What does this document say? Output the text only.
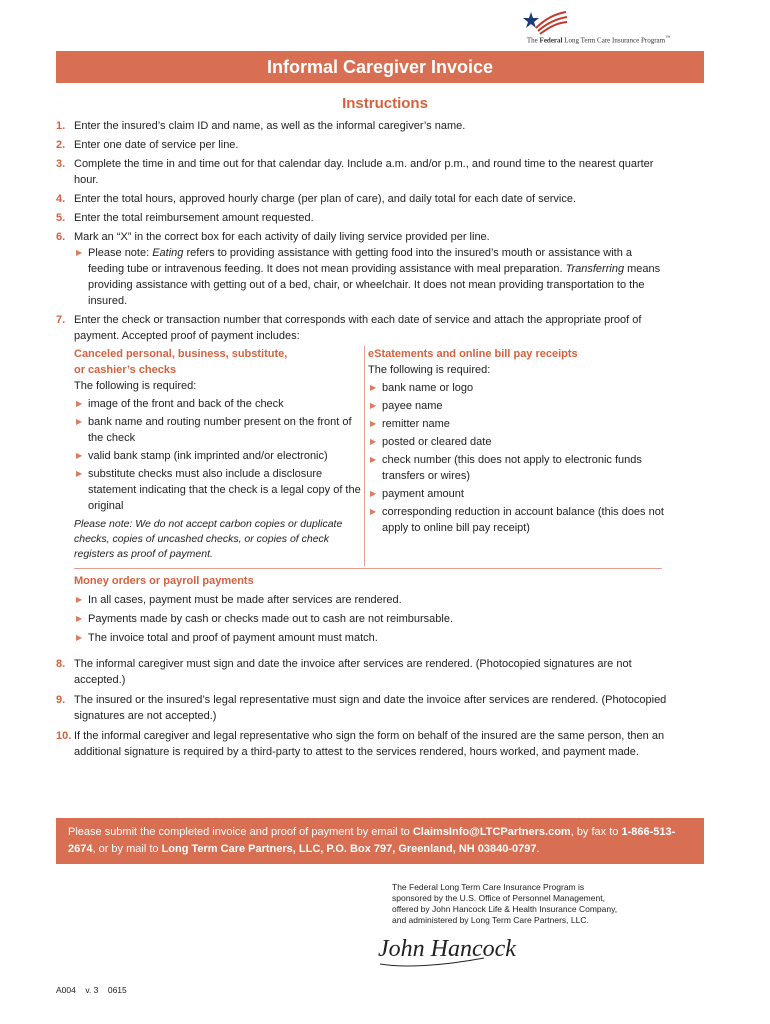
The Federal Long Term Care Insurance Program™
Informal Caregiver Invoice
Instructions
1. Enter the insured’s claim ID and name, as well as the informal caregiver’s name.
2. Enter one date of service per line.
3. Complete the time in and time out for that calendar day. Include a.m. and/or p.m., and round time to the nearest quarter hour.
4. Enter the total hours, approved hourly charge (per plan of care), and daily total for each date of service.
5. Enter the total reimbursement amount requested.
6. Mark an “X” in the correct box for each activity of daily living service provided per line.
▶ Please note: Eating refers to providing assistance with getting food into the insured’s mouth or assistance with a feeding tube or intravenous feeding. It does not mean providing assistance with meal preparation. Transferring means providing assistance with getting out of a bed, chair, or wheelchair. It does not mean providing transportation to the insured.
7. Enter the check or transaction number that corresponds with each date of service and attach the appropriate proof of payment. Accepted proof of payment includes:
Canceled personal, business, substitute,
or cashier’s checks
The following is required:
▶ image of the front and back of the check
▶ bank name and routing number present on the front of the check
▶ valid bank stamp (ink imprinted and/or electronic)
▶ substitute checks must also include a disclosure statement indicating that the check is a legal copy of the original
Please note: We do not accept carbon copies or duplicate checks, copies of uncashed checks, or copies of check registers as proof of payment.
eStatements and online bill pay receipts
The following is required:
▶ bank name or logo
▶ payee name
▶ remitter name
▶ posted or cleared date
▶ check number (this does not apply to electronic funds transfers or wires)
▶ payment amount
▶ corresponding reduction in account balance (this does not apply to online bill pay receipt)
Money orders or payroll payments
▶ In all cases, payment must be made after services are rendered.
▶ Payments made by cash or checks made out to cash are not reimbursable.
▶ The invoice total and proof of payment amount must match.
8. The informal caregiver must sign and date the invoice after services are rendered. (Photocopied signatures are not accepted.)
9. The insured or the insured’s legal representative must sign and date the invoice after services are rendered. (Photocopied signatures are not accepted.)
10. If the informal caregiver and legal representative who sign the form on behalf of the insured are the same person, then an additional signature is required by a third-party to attest to the services rendered, hours worked, and payment made.
Please submit the completed invoice and proof of payment by email to ClaimsInfo@LTCPartners.com, by fax to 1-866-513-2674, or by mail to Long Term Care Partners, LLC, P.O. Box 797, Greenland, NH 03840-0797.
The Federal Long Term Care Insurance Program is
sponsored by the U.S. Office of Personnel Management,
offered by John Hancock Life & Health Insurance Company,
and administered by Long Term Care Partners, LLC.
John Hancock
A004 v. 3 0615
